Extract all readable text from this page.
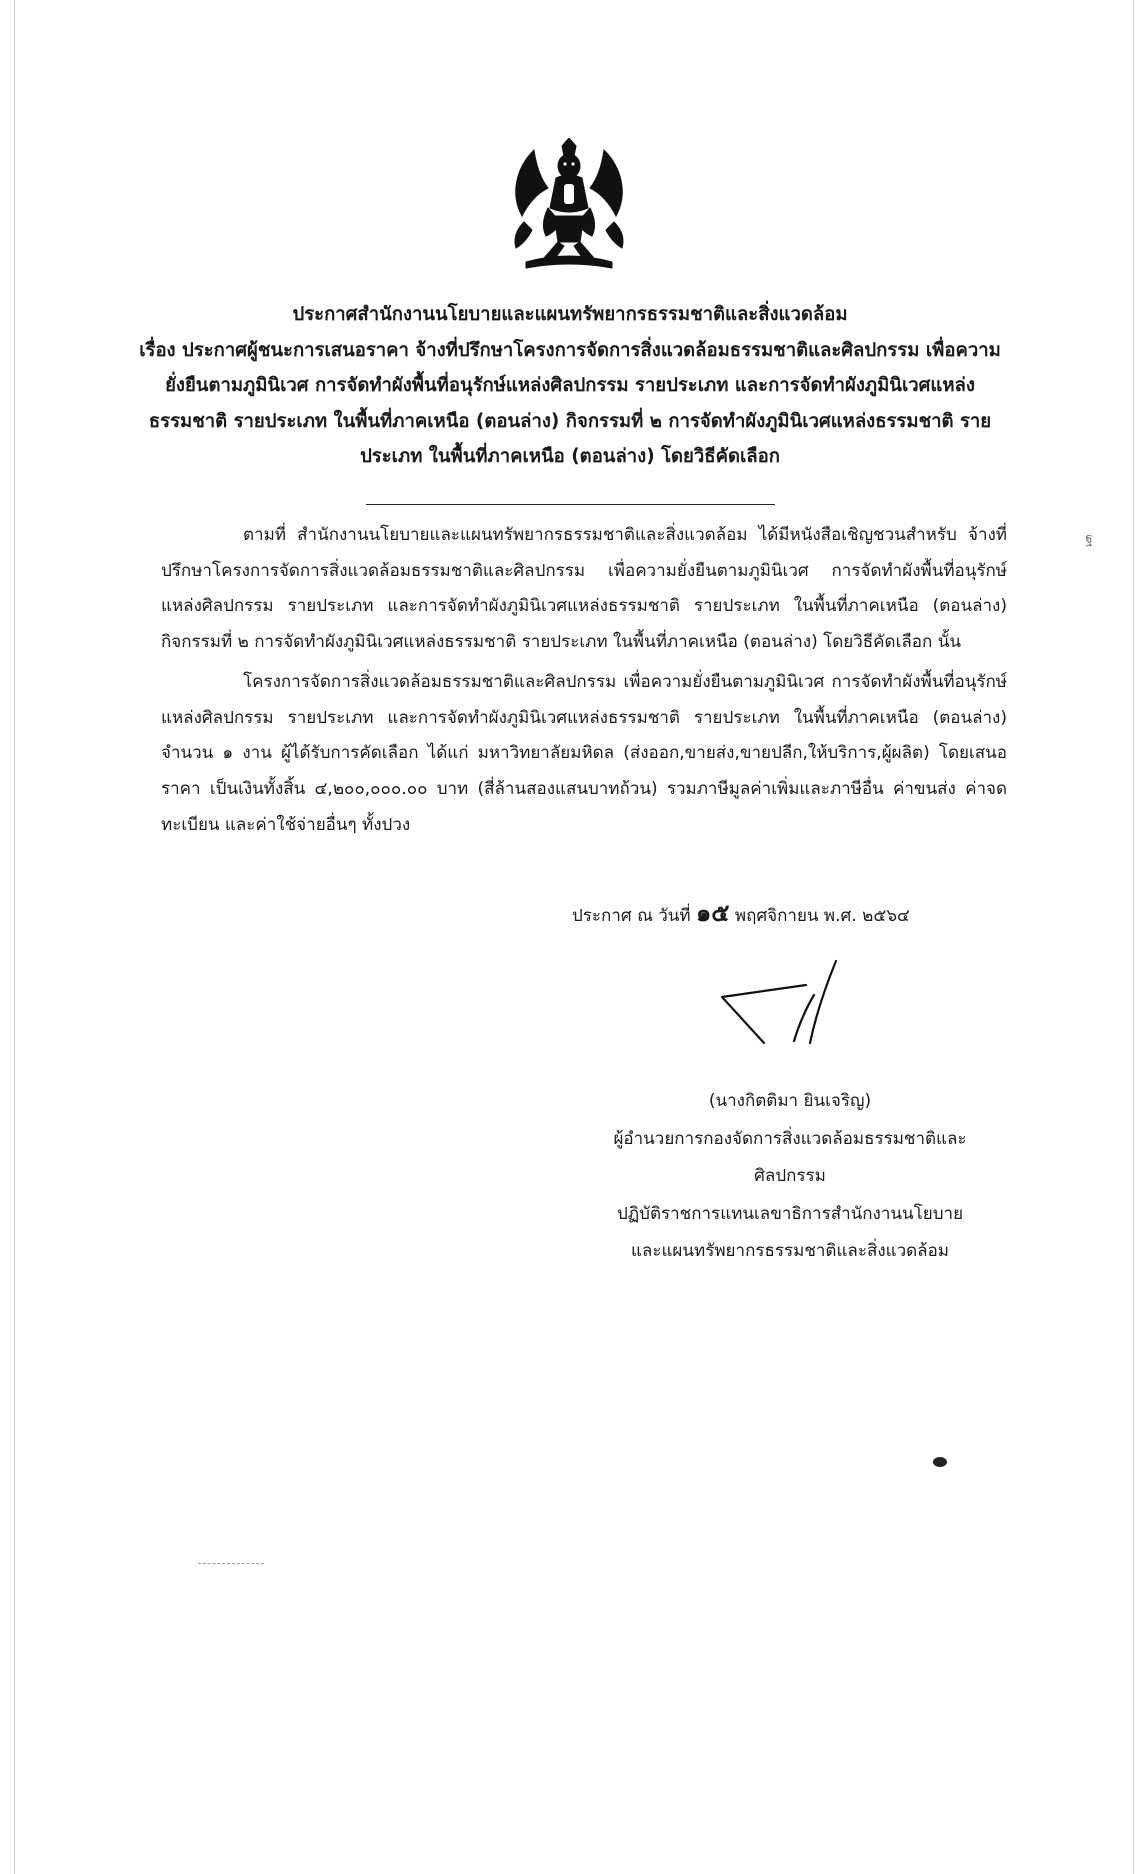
ประกาศสำนักงานนโยบายและแผนทรัพยากรธรรมชาติและสิ่งแวดล้อม

เรื่อง ประกาศผู้ชนะการเสนอราคา จ้างที่ปรึกษาโครงการจัดการสิ่งแวดล้อมธรรมชาติและศิลปกรรม เพื่อความ

ยั่งยืนตามภูมินิเวศ การจัดทำผังพื้นที่อนุรักษ์แหล่งศิลปกรรม รายประเภท และการจัดทำผังภูมินิเวศแหล่ง

ธรรมชาติ รายประเภท ในพื้นที่ภาคเหนือ (ตอนล่าง) กิจกรรมที่ ๒ การจัดทำผังภูมินิเวศแหล่งธรรมชาติ ราย

ประเภท ในพื้นที่ภาคเหนือ (ตอนล่าง) โดยวิธีคัดเลือก

ตามที่ สำนักงานนโยบายและแผนทรัพยากรธรรมชาติและสิ่งแวดล้อม ได้มีหนังสือเชิญชวนสำหรับ จ้างที่ปรึกษาโครงการจัดการสิ่งแวดล้อมธรรมชาติและศิลปกรรม เพื่อความยั่งยืนตามภูมินิเวศ การจัดทำผังพื้นที่อนุรักษ์แหล่งศิลปกรรม รายประเภท และการจัดทำผังภูมินิเวศแหล่งธรรมชาติ รายประเภท ในพื้นที่ภาคเหนือ (ตอนล่าง) กิจกรรมที่ ๒ การจัดทำผังภูมินิเวศแหล่งธรรมชาติ รายประเภท ในพื้นที่ภาคเหนือ (ตอนล่าง) โดยวิธีคัดเลือก นั้น

โครงการจัดการสิ่งแวดล้อมธรรมชาติและศิลปกรรม เพื่อความยั่งยืนตามภูมินิเวศ การจัดทำผังพื้นที่อนุรักษ์แหล่งศิลปกรรม รายประเภท และการจัดทำผังภูมินิเวศแหล่งธรรมชาติ รายประเภท ในพื้นที่ภาคเหนือ (ตอนล่าง) จำนวน ๑ งาน ผู้ได้รับการคัดเลือก ได้แก่ มหาวิทยาลัยมหิดล (ส่งออก,ขายส่ง,ขายปลีก,ให้บริการ,ผู้ผลิต) โดยเสนอราคา เป็นเงินทั้งสิ้น ๔,๒๐๐,๐๐๐.๐๐ บาท (สี่ล้านสองแสนบาทถ้วน) รวมภาษีมูลค่าเพิ่มและภาษีอื่น ค่าขนส่ง ค่าจดทะเบียน และค่าใช้จ่ายอื่นๆ ทั้งปวง

ประกาศ ณ วันที่ ๑๕ พฤศจิกายน พ.ศ. ๒๕๖๔

(นางกิตติมา ยินเจริญ)

ผู้อำนวยการกองจัดการสิ่งแวดล้อมธรรมชาติและ

ศิลปกรรม

ปฏิบัติราชการแทนเลขาธิการสำนักงานนโยบาย

และแผนทรัพยากรธรรมชาติและสิ่งแวดล้อม

ฐ
